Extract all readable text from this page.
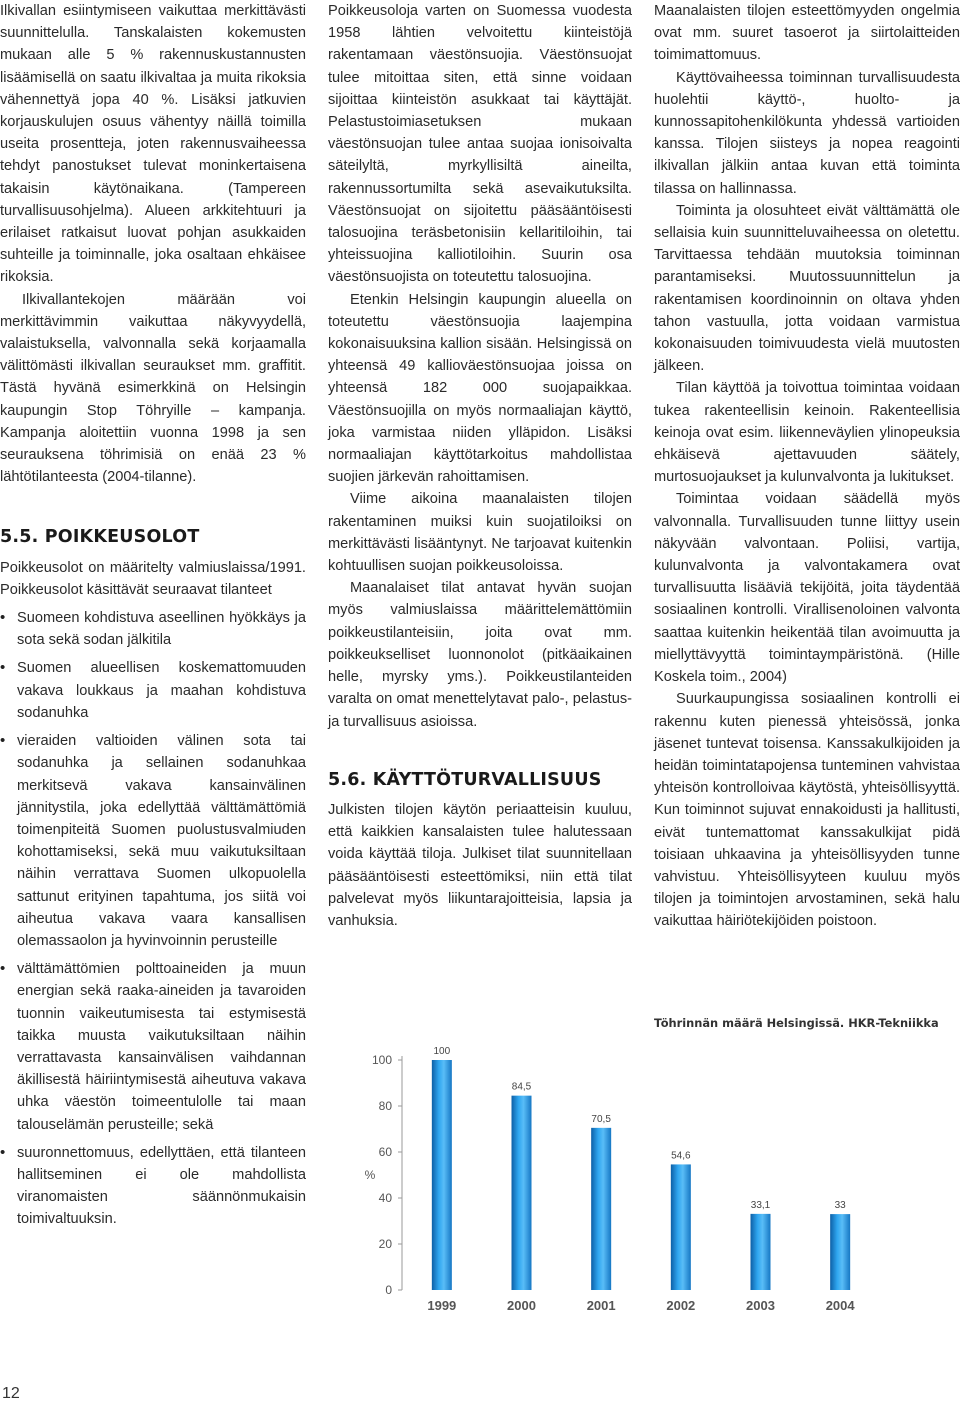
Ilkivallan esiintymiseen vaikuttaa merkittävästi suunnittelulla. Tanskalaisten kokemusten mukaan alle 5 % rakennuskustannusten lisäämisellä on saatu ilkivaltaa ja muita rikoksia vähennettyä jopa 40 %. Lisäksi jatkuvien korjauskulujen osuus vähentyy näillä toimilla useita prosentteja, joten rakennusvaiheessa tehdyt panostukset tulevat moninkertaisena takaisin käytönaikana. (Tampereen turvallisuusohjelma). Alueen arkkitehtuuri ja erilaiset ratkaisut luovat pohjan asukkaiden suhteille ja toiminnalle, joka osaltaan ehkäisee rikoksia.

Ilkivallantekojen määrään voi merkittävimmin vaikuttaa näkyvyydellä, valaistuksella, valvonnalla sekä korjaamalla välittömästi ilkivallan seuraukset mm. graffitit. Tästä hyvänä esimerkkinä on Helsingin kaupungin Stop Töhryille – kampanja. Kampanja aloitettiin vuonna 1998 ja sen seurauksena töhrimisiä on enää 23 % lähtötilanteesta (2004-tilanne).

5.5. POIKKEUSOLOT

Poikkeusolot on määritelty valmiuslaissa/1991. Poikkeusolot käsittävät seuraavat tilanteet

• Suomeen kohdistuva aseellinen hyökkäys ja sota sekä sodan jälkitila
• Suomen alueellisen koskemattomuuden vakava loukkaus ja maahan kohdistuva sodanuhka
• vieraiden valtioiden välinen sota tai sodanuhka ja sellainen sodanuhkaa merkitsevä vakava kansainvälinen jännitystila, joka edellyttää välttämättömiä toimenpiteitä Suomen puolustusvalmiuden kohottamiseksi, sekä muu vaikutuksiltaan näihin verrattava Suomen ulkopuolella sattunut erityinen tapahtuma, jos siitä voi aiheutua vakava vaara kansallisen olemassaolon ja hyvinvoinnin perusteille
• välttämättömien polttoaineiden ja muun energian sekä raaka-aineiden ja tavaroiden tuonnin vaikeutumisesta tai estymisestä taikka muusta vaikutuksiltaan näihin verrattavasta kansainvälisen vaihdannan äkillisestä häiriintymisestä aiheutuva vakava uhka väestön toimeentulolle tai maan talouselämän perusteille; sekä
• suuronnettomuus, edellyttäen, että tilanteen hallitseminen ei ole mahdollista viranomaisten säännönmukaisin toimivaltuuksin.

Poikkeusoloja varten on Suomessa vuodesta 1958 lähtien velvoitettu kiinteistöjä rakentamaan väestönsuojia. Väestönsuojat tulee mitoittaa siten, että sinne voidaan sijoittaa kiinteistön asukkaat tai käyttäjät. Pelastustoimiasetuksen mukaan väestönsuojan tulee antaa suojaa ionisoivalta säteilyltä, myrkyllisiltä aineilta, rakennussortumilta sekä asevaikutuksilta. Väestönsuojat on sijoitettu pääsääntöisesti talosuojina teräsbetonisiin kellaritiloihin, tai yhteissuojina kalliotiloihin. Suurin osa väestönsuojista on toteutettu talosuojina.

Etenkin Helsingin kaupungin alueella on toteutettu väestönsuojia laajempina kokonaisuuksina kallion sisään. Helsingissä on yhteensä 49 kallioväestönsuojaa joissa on yhteensä 182 000 suojapaikkaa. Väestönsuojilla on myös normaaliajan käyttö, joka varmistaa niiden ylläpidon. Lisäksi normaaliajan käyttötarkoitus mahdollistaa suojien järkevän rahoittamisen.

Viime aikoina maanalaisten tilojen rakentaminen muiksi kuin suojatiloiksi on merkittävästi lisääntynyt. Ne tarjoavat kuitenkin kohtuullisen suojan poikkeusoloissa.

Maanalaiset tilat antavat hyvän suojan myös valmiuslaissa määrittelemättömiin poikkeustilanteisiin, joita ovat mm. poikkeukselliset luonnonolot (pitkäaikainen helle, myrsky yms.). Poikkeustilanteiden varalta on omat menettelytavat palo-, pelastus- ja turvallisuus asioissa.

5.6. KÄYTTÖTURVALLISUUS

Julkisten tilojen käytön periaatteisin kuuluu, että kaikkien kansalaisten tulee halutessaan voida käyttää tiloja. Julkiset tilat suunnitellaan pääsääntöisesti esteettömiksi, niin että tilat palvelevat myös liikuntarajoitteisia, lapsia ja vanhuksia.

Maanalaisten tilojen esteettömyyden ongelmia ovat mm. suuret tasoerot ja siirtolaitteiden toimimattomuus.

Käyttövaiheessa toiminnan turvallisuudesta huolehtii käyttö-, huolto- ja kunnossapitohenkilökunta yhdessä vartioiden kanssa. Tilojen siisteys ja nopea reagointi ilkivallan jälkiin antaa kuvan että toiminta tilassa on hallinnassa.

Toiminta ja olosuhteet eivät välttämättä ole sellaisia kuin suunnitteluvaiheessa on oletettu. Tarvittaessa tehdään muutoksia toiminnan parantamiseksi. Muutossuunnittelun ja rakentamisen koordinoinnin on oltava yhden tahon vastuulla, jotta voidaan varmistua kokonaisuuden toimivuudesta vielä muutosten jälkeen.

Tilan käyttöä ja toivottua toimintaa voidaan tukea rakenteellisin keinoin. Rakenteellisia keinoja ovat esim. liikenneväylien ylinopeuksia ehkäisevä ajettavuuden säätely, murtosuojaukset ja kulunvalvonta ja lukitukset.

Toimintaa voidaan säädellä myös valvonnalla. Turvallisuuden tunne liittyy usein näkyvään valvontaan. Poliisi, vartija, kulunvalvonta ja valvontakamera ovat turvallisuutta lisääviä tekijöitä, joita täydentää sosiaalinen kontrolli. Virallisenoloinen valvonta saattaa kuitenkin heikentää tilan avoimuutta ja miellyttävyyttä toimintaympäristönä. (Hille Koskela toim., 2004)

Suurkaupungissa sosiaalinen kontrolli ei rakennu kuten pienessä yhteisössä, jonka jäsenet tuntevat toisensa. Kanssakulkijoiden ja heidän toimintatapojensa tunteminen vahvistaa yhteisön kontrolloivaa käytöstä, yhteisöllisyyttä. Kun toiminnot sujuvat ennakoidusti ja hallitusti, eivät tuntemattomat kanssakulkijat pidä toisiaan uhkaavina ja yhteisöllisyyden tunne vahvistuu. Yhteisöllisyyteen kuuluu myös tilojen ja toimintojen arvostaminen, sekä halu vaikuttaa häiriötekijöiden poistoon.

Töhrinnän määrä Helsingissä. HKR-Tekniikka
0
20
40
60
80
100
%
100
1999
84,5
2000
70,5
2001
54,6
2002
33,1
2003
33
2004
12
